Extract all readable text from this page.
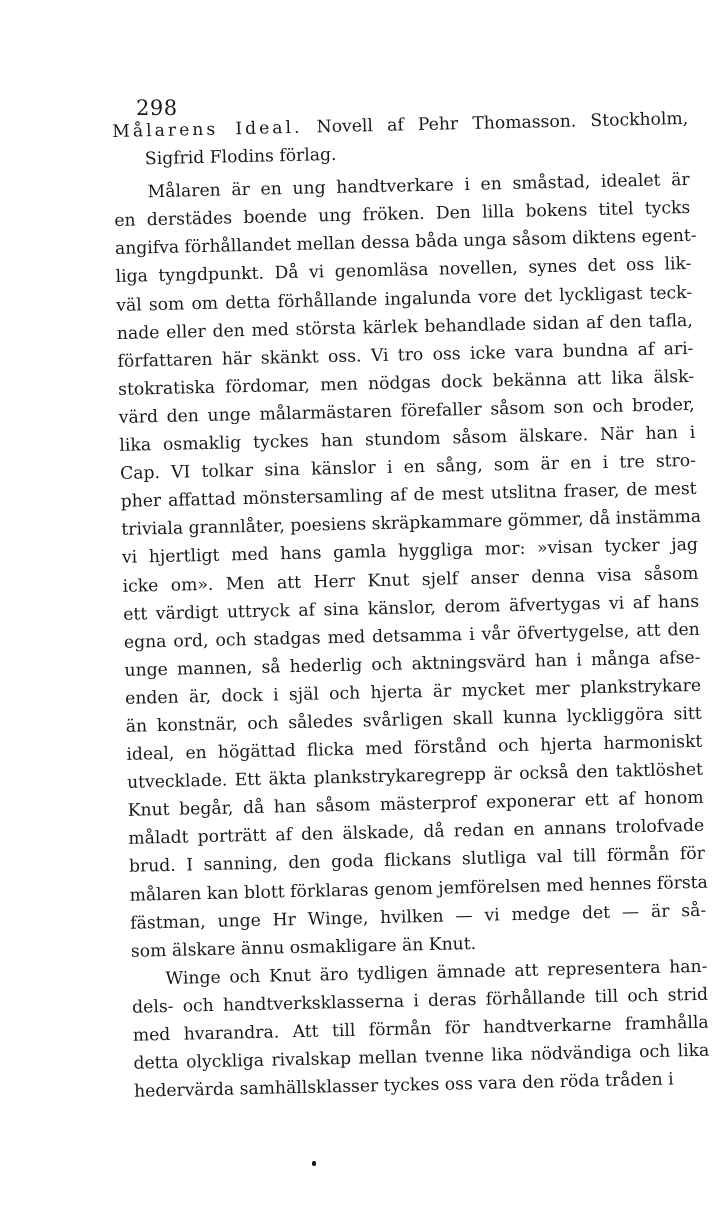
298
Målarens Ideal. Novell af Pehr Thomasson. Stockholm,
Sigfrid Flodins förlag.
Målaren är en ung handtverkare i en småstad, idealet är
en derstädes boende ung fröken. Den lilla bokens titel tycks
angifva förhållandet mellan dessa båda unga såsom diktens egent-
liga tyngdpunkt. Då vi genomläsa novellen, synes det oss lik-
väl som om detta förhållande ingalunda vore det lyckligast teck-
nade eller den med största kärlek behandlade sidan af den tafla,
författaren här skänkt oss. Vi tro oss icke vara bundna af ari-
stokratiska fördomar, men nödgas dock bekänna att lika älsk-
värd den unge målarmästaren förefaller såsom son och broder,
lika osmaklig tyckes han stundom såsom älskare. När han i
Cap. VI tolkar sina känslor i en sång, som är en i tre stro-
pher affattad mönstersamling af de mest utslitna fraser, de mest
triviala grannlåter, poesiens skräpkammare gömmer, då instämma
vi hjertligt med hans gamla hyggliga mor: »visan tycker jag
icke om». Men att Herr Knut sjelf anser denna visa såsom
ett värdigt uttryck af sina känslor, derom äfvertygas vi af hans
egna ord, och stadgas med detsamma i vår öfvertygelse, att den
unge mannen, så hederlig och aktningsvärd han i många afse-
enden är, dock i själ och hjerta är mycket mer plankstrykare
än konstnär, och således svårligen skall kunna lyckliggöra sitt
ideal, en högättad flicka med förstånd och hjerta harmoniskt
utvecklade. Ett äkta plankstrykaregrepp är också den taktlöshet
Knut begår, då han såsom mästerprof exponerar ett af honom
måladt porträtt af den älskade, då redan en annans trolofvade
brud. I sanning, den goda flickans slutliga val till förmån för
målaren kan blott förklaras genom jemförelsen med hennes första
fästman, unge Hr Winge, hvilken — vi medge det — är så-
som älskare ännu osmakligare än Knut.
Winge och Knut äro tydligen ämnade att representera han-
dels- och handtverksklasserna i deras förhållande till och strid
med hvarandra. Att till förmån för handtverkarne framhålla
detta olyckliga rivalskap mellan tvenne lika nödvändiga och lika
hedervärda samhällsklasser tyckes oss vara den röda tråden i
